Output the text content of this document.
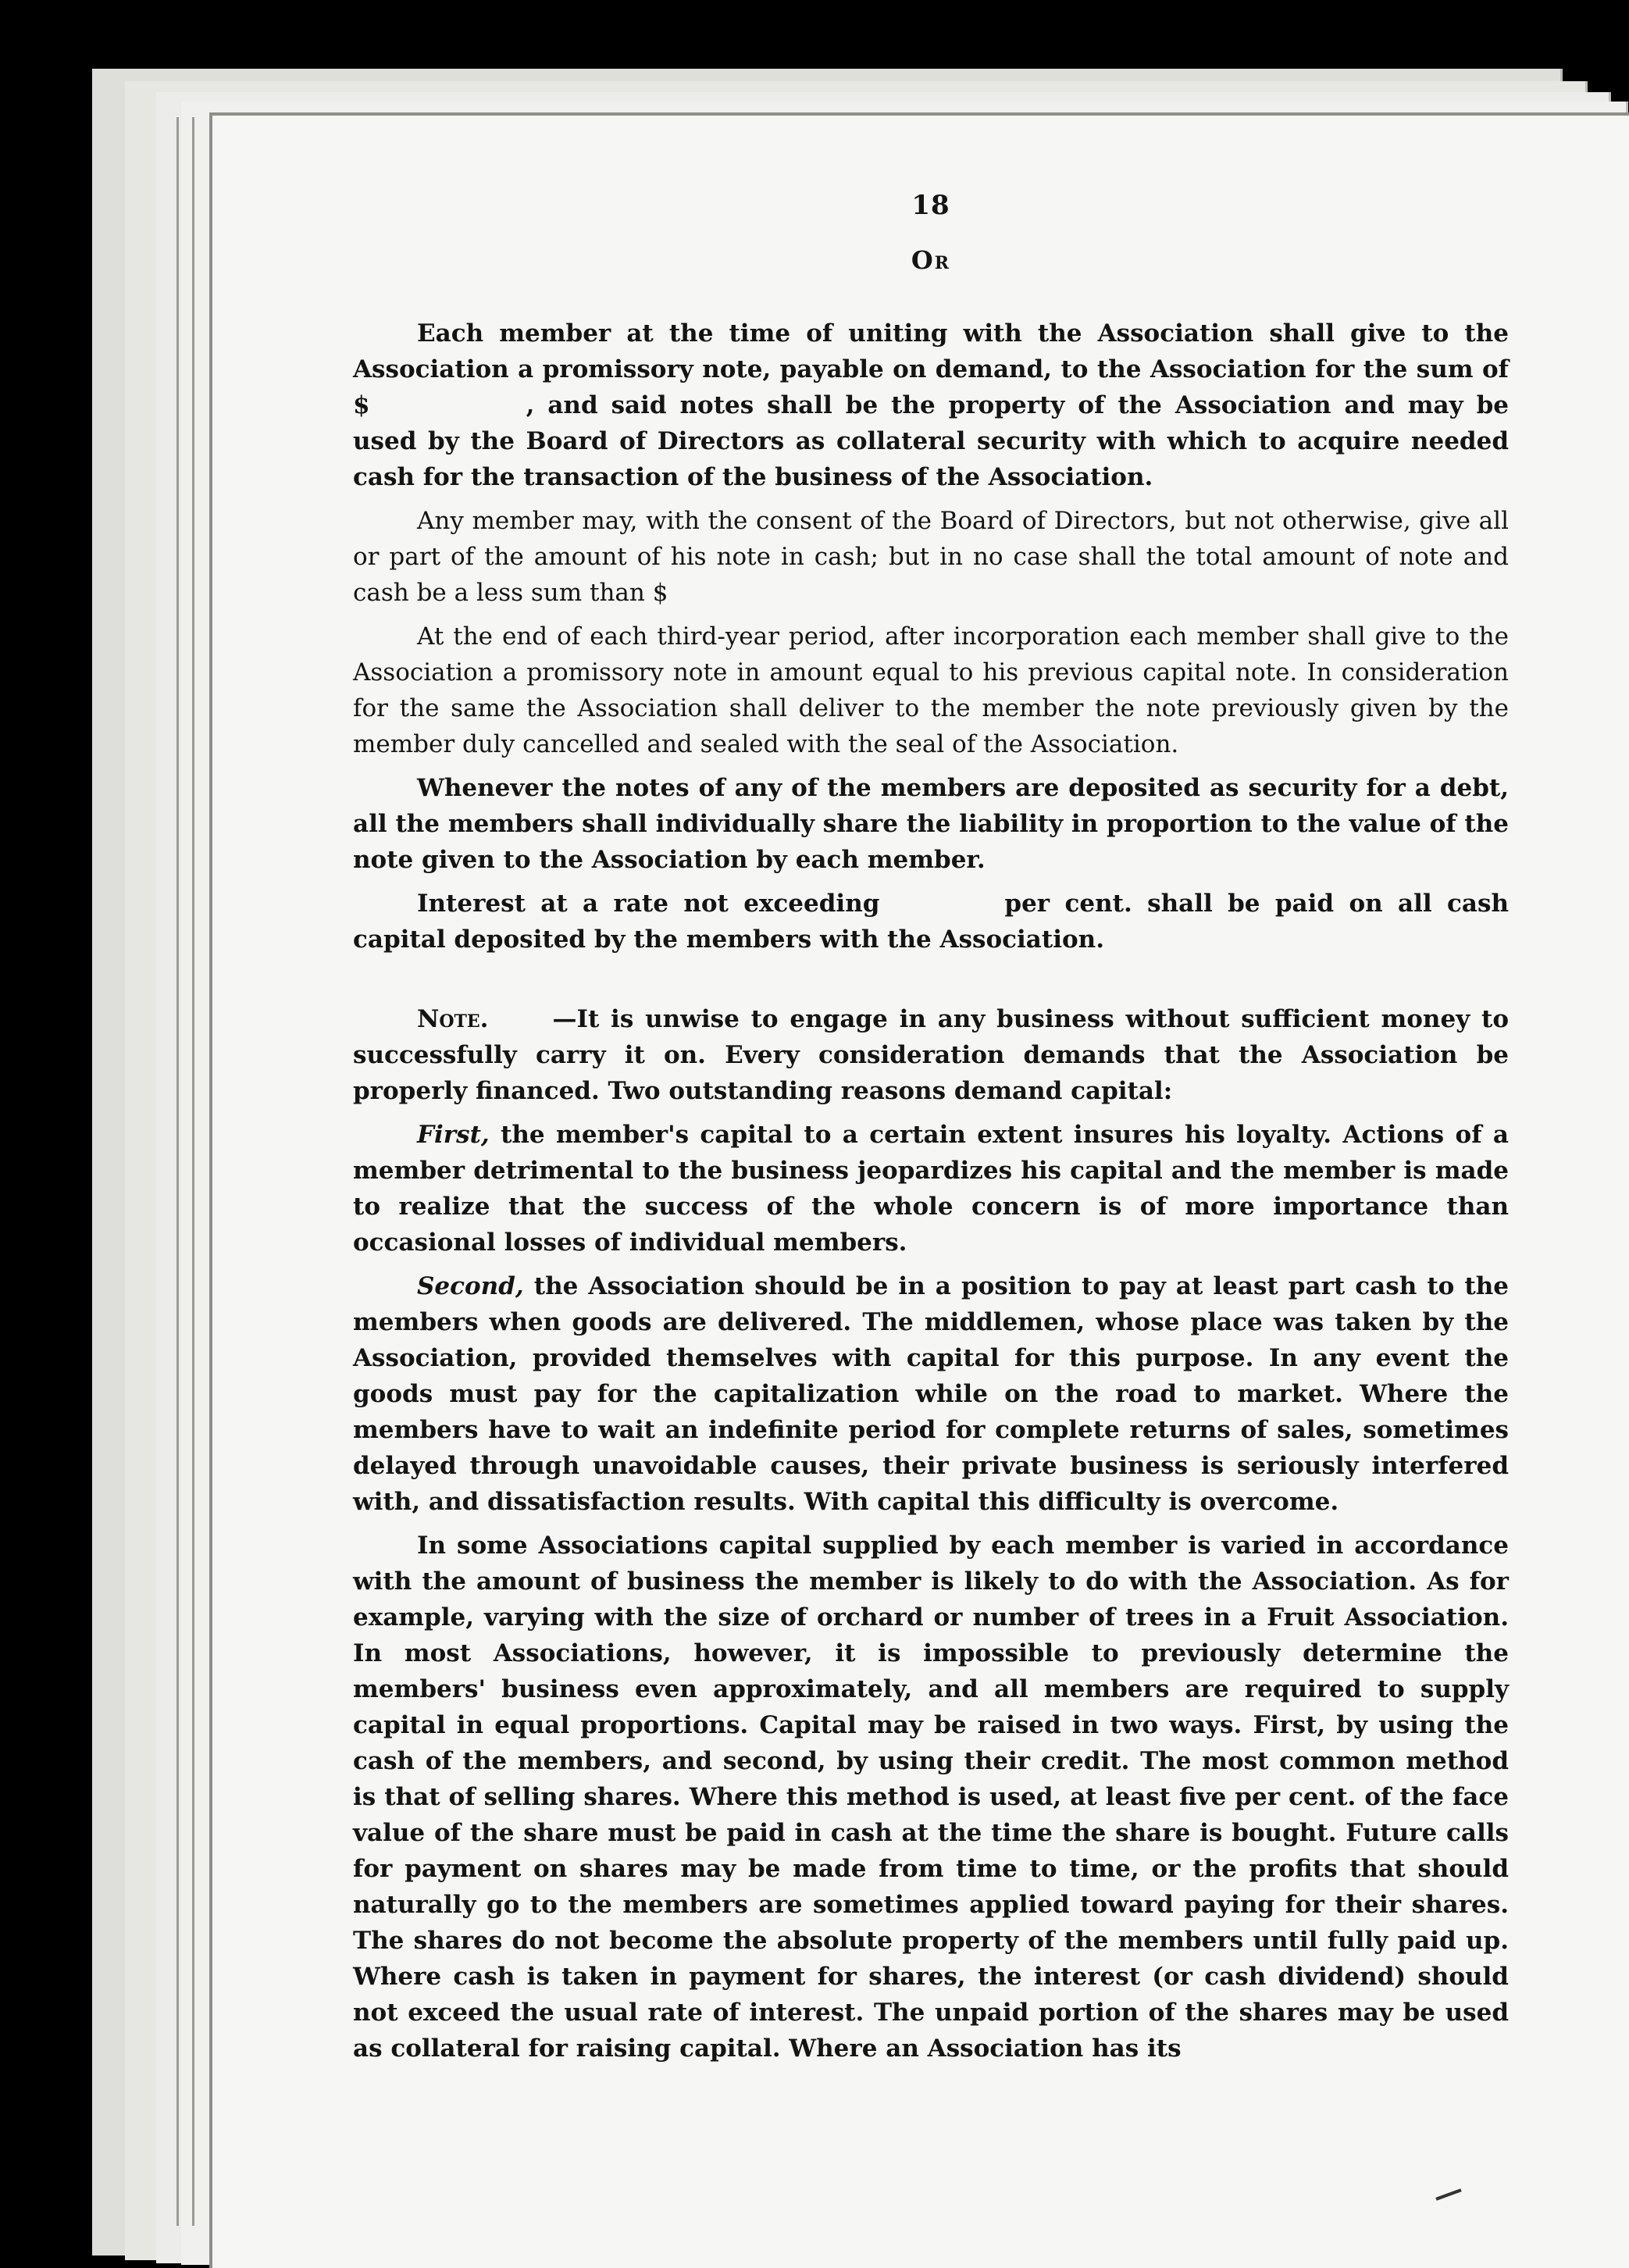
18
Or

Each member at the time of uniting with the Association shall give to the Association a promissory note, payable on demand, to the Association for the sum of $	, and said notes shall be the property of the Association and may be used by the Board of Directors as collateral security with which to acquire needed cash for the transaction of the business of the Association.

Any member may, with the consent of the Board of Directors, but not otherwise, give all or part of the amount of his note in cash; but in no case shall the total amount of note and cash be a less sum than $

At the end of each third-year period, after incorporation each member shall give to the Association a promissory note in amount equal to his previous capital note. In consideration for the same the Association shall deliver to the member the note previously given by the member duly cancelled and sealed with the seal of the Association.

Whenever the notes of any of the members are deposited as security for a debt, all the members shall individually share the liability in proportion to the value of the note given to the Association by each member.

Interest at a rate not exceeding	per cent. shall be paid on all cash capital deposited by the members with the Association.

Note.	—It is unwise to engage in any business without sufficient money to successfully carry it on. Every consideration demands that the Association be properly financed. Two outstanding reasons demand capital:

First, the member's capital to a certain extent insures his loyalty. Actions of a member detrimental to the business jeopardizes his capital and the member is made to realize that the success of the whole concern is of more importance than occasional losses of individual members.

Second, the Association should be in a position to pay at least part cash to the members when goods are delivered. The middlemen, whose place was taken by the Association, provided themselves with capital for this purpose. In any event the goods must pay for the capitalization while on the road to market. Where the members have to wait an indefinite period for complete returns of sales, sometimes delayed through unavoidable causes, their private business is seriously interfered with, and dissatisfaction results. With capital this difficulty is overcome.

In some Associations capital supplied by each member is varied in accordance with the amount of business the member is likely to do with the Association. As for example, varying with the size of orchard or number of trees in a Fruit Association. In most Associations, however, it is impossible to previously determine the members' business even approximately, and all members are required to supply capital in equal proportions. Capital may be raised in two ways. First, by using the cash of the members, and second, by using their credit. The most common method is that of selling shares. Where this method is used, at least five per cent. of the face value of the share must be paid in cash at the time the share is bought. Future calls for payment on shares may be made from time to time, or the profits that should naturally go to the members are sometimes applied toward paying for their shares. The shares do not become the absolute property of the members until fully paid up. Where cash is taken in payment for shares, the interest (or cash dividend) should not exceed the usual rate of interest. The unpaid portion of the shares may be used as collateral for raising capital. Where an Association has its
